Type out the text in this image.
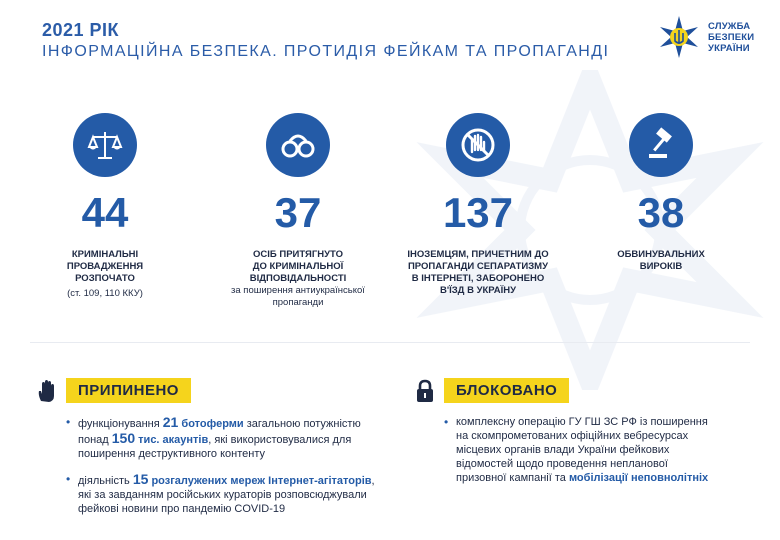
2021 РІК
ІНФОРМАЦІЙНА БЕЗПЕКА. ПРОТИДІЯ ФЕЙКАМ ТА ПРОПАГАНДІ
СЛУЖБА
БЕЗПЕКИ
УКРАЇНИ
44
КРИМІНАЛЬНІ
ПРОВАДЖЕННЯ
РОЗПОЧАТО
(ст. 109, 110 ККУ)
37
ОСІБ ПРИТЯГНУТО
ДО КРИМІНАЛЬНОЇ
ВІДПОВІДАЛЬНОСТІ
за поширення антиукраїнської
пропаганди
137
ІНОЗЕМЦЯМ, ПРИЧЕТНИМ ДО
ПРОПАГАНДИ СЕПАРАТИЗМУ
В ІНТЕРНЕТІ, ЗАБОРОНЕНО
В'ЇЗД В УКРАЇНУ
38
ОБВИНУВАЛЬНИХ
ВИРОКІВ
ПРИПИНЕНО
• функціонування 21 ботоферми загальною потужністю
понад 150 тис. акаунтів, які використовувалися для
поширення деструктивного контенту
• діяльність 15 розгалужених мереж Інтернет-агітаторів,
які за завданням російських кураторів розповсюджували
фейкові новини про пандемію COVID-19
БЛОКОВАНО
• комплексну операцію ГУ ГШ ЗС РФ із поширення
на скомпрометованих офіційних вебресурсах
місцевих органів влади України фейкових
відомостей щодо проведення непланової
призовної кампанії та мобілізації неповнолітніх
